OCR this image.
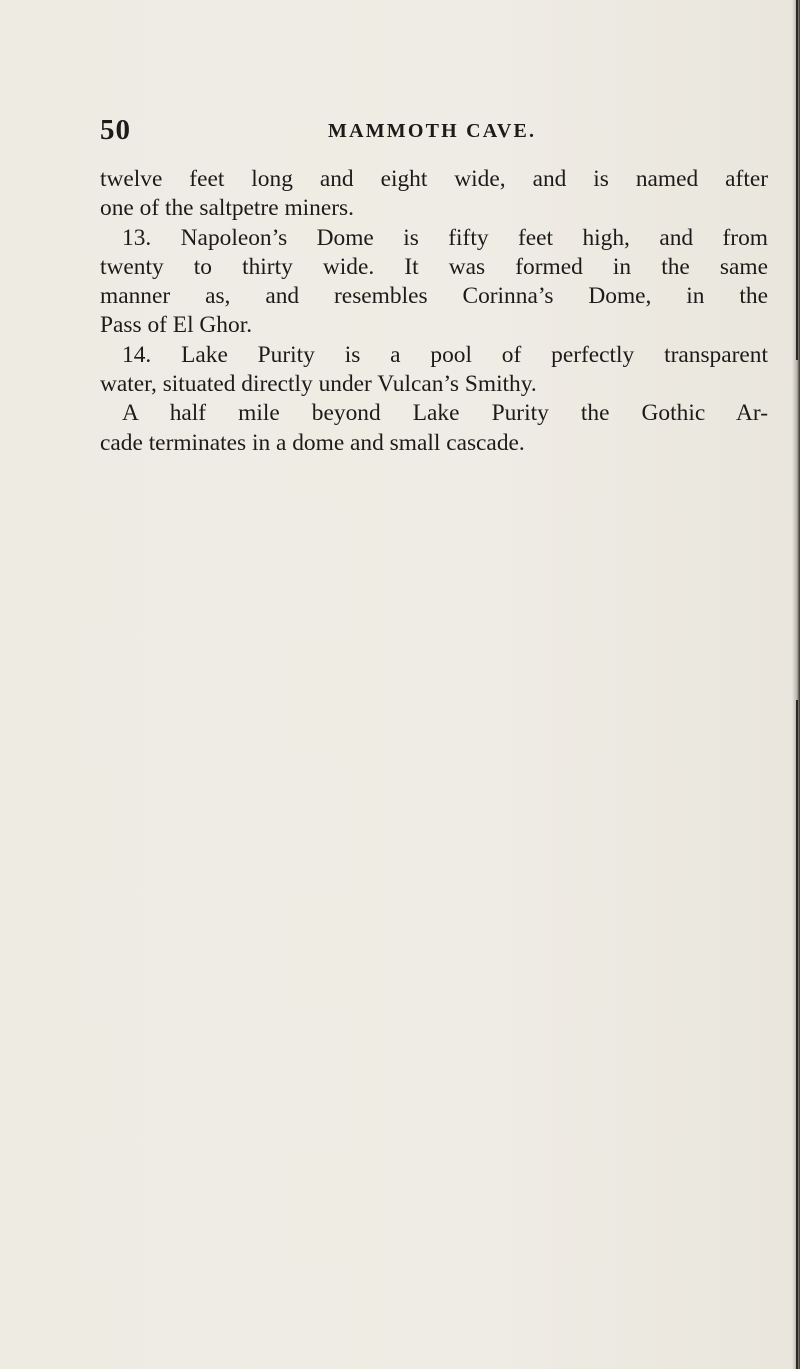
50	MAMMOTH CAVE.
twelve feet long and eight wide, and is named after
one of the saltpetre miners.
13. Napoleon’s Dome is fifty feet high, and from
twenty to thirty wide. It was formed in the same
manner as, and resembles Corinna’s Dome, in the
Pass of El Ghor.
14. Lake Purity is a pool of perfectly transparent
water, situated directly under Vulcan’s Smithy.
A half mile beyond Lake Purity the Gothic Ar-
cade terminates in a dome and small cascade.
